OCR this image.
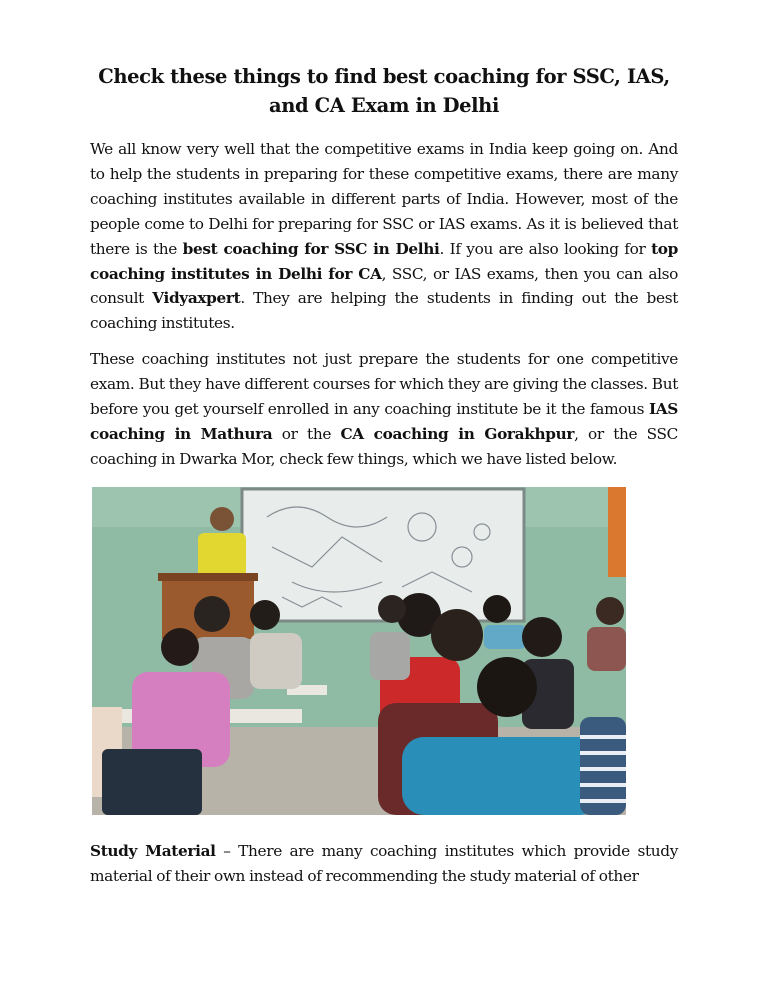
Check these things to find best coaching for SSC, IAS, and CA Exam in Delhi

We all know very well that the competitive exams in India keep going on. And to help the students in preparing for these competitive exams, there are many coaching institutes available in different parts of India. However, most of the people come to Delhi for preparing for SSC or IAS exams. As it is believed that there is the best coaching for SSC in Delhi. If you are also looking for top coaching institutes in Delhi for CA, SSC, or IAS exams, then you can also consult Vidyaxpert. They are helping the students in finding out the best coaching institutes.

These coaching institutes not just prepare the students for one competitive exam. But they have different courses for which they are giving the classes. But before you get yourself enrolled in any coaching institute be it the famous IAS coaching in Mathura or the CA coaching in Gorakhpur, or the SSC coaching in Dwarka Mor, check few things, which we have listed below.

Study Material – There are many coaching institutes which provide study material of their own instead of recommending the study material of other
